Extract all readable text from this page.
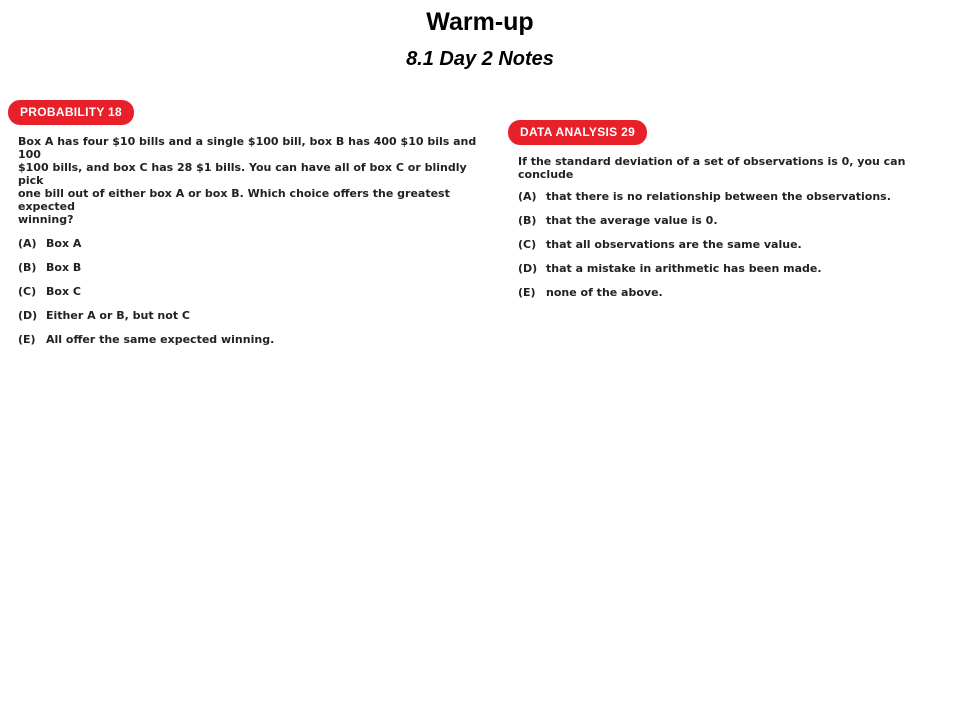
Warm-up
8.1 Day 2 Notes
PROBABILITY 18
Box A has four $10 bills and a single $100 bill, box B has 400 $10 bils and 100
$100 bills, and box C has 28 $1 bills. You can have all of box C or blindly pick
one bill out of either box A or box B. Which choice offers the greatest expected
winning?
(A) Box A
(B) Box B
(C) Box C
(D) Either A or B, but not C
(E) All offer the same expected winning.
DATA ANALYSIS 29
If the standard deviation of a set of observations is 0, you can conclude
(A) that there is no relationship between the observations.
(B) that the average value is 0.
(C) that all observations are the same value.
(D) that a mistake in arithmetic has been made.
(E) none of the above.
